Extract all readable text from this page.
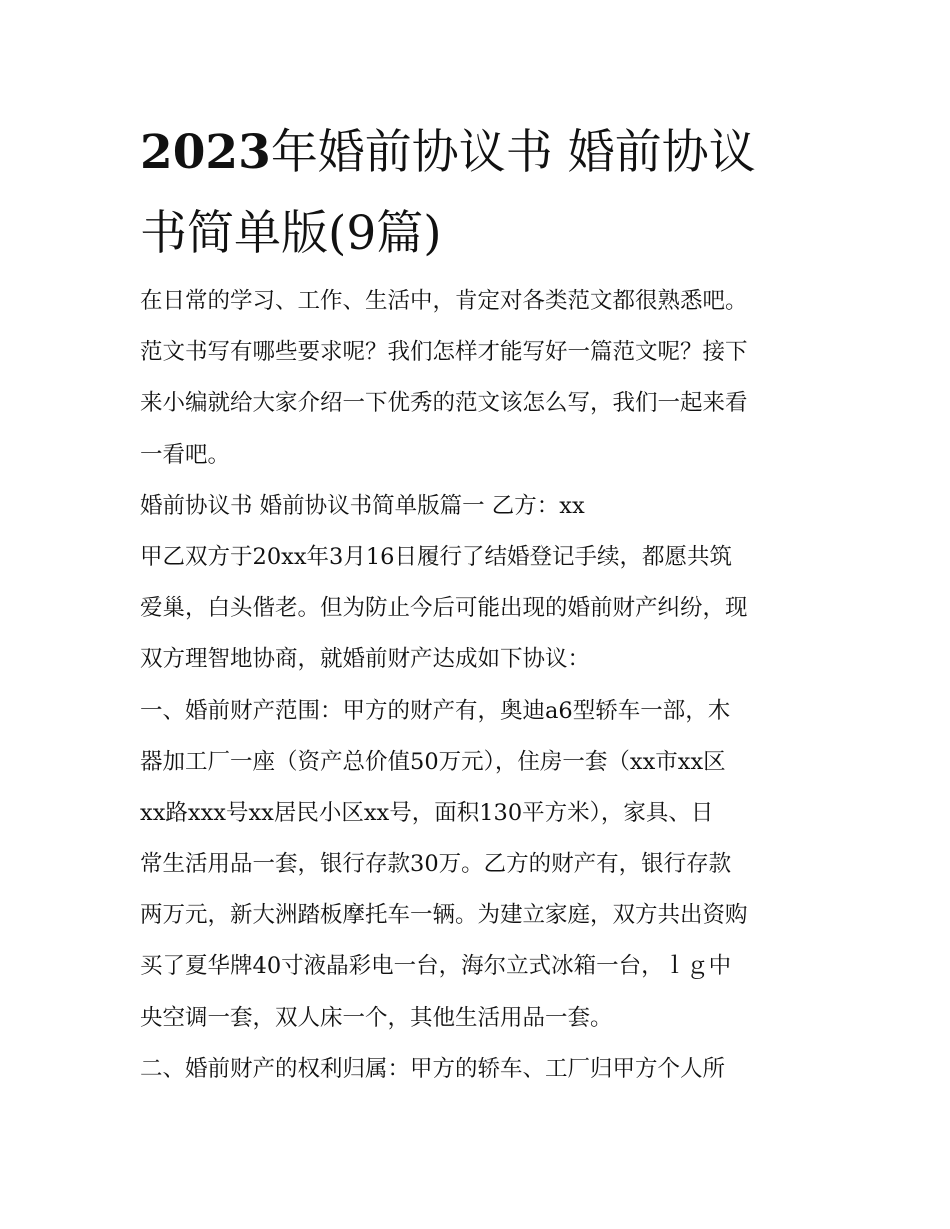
2023年婚前协议书 婚前协议
书简单版(9篇)
在日常的学习、工作、生活中，肯定对各类范文都很熟悉吧。
范文书写有哪些要求呢？我们怎样才能写好一篇范文呢？接下
来小编就给大家介绍一下优秀的范文该怎么写，我们一起来看
一看吧。
婚前协议书 婚前协议书简单版篇一 乙方：xx
甲乙双方于20xx年3月16日履行了结婚登记手续，都愿共筑
爱巢，白头偕老。但为防止今后可能出现的婚前财产纠纷，现
双方理智地协商，就婚前财产达成如下协议：
一、婚前财产范围：甲方的财产有，奥迪a6型轿车一部，木
器加工厂一座（资产总价值50万元），住房一套（xx市xx区
xx路xxx号xx居民小区xx号，面积130平方米），家具、日
常生活用品一套，银行存款30万。乙方的财产有，银行存款
两万元，新大洲踏板摩托车一辆。为建立家庭，双方共出资购
买了夏华牌40寸液晶彩电一台，海尔立式冰箱一台，ｌｇ中
央空调一套，双人床一个，其他生活用品一套。
二、婚前财产的权利归属：甲方的轿车、工厂归甲方个人所
